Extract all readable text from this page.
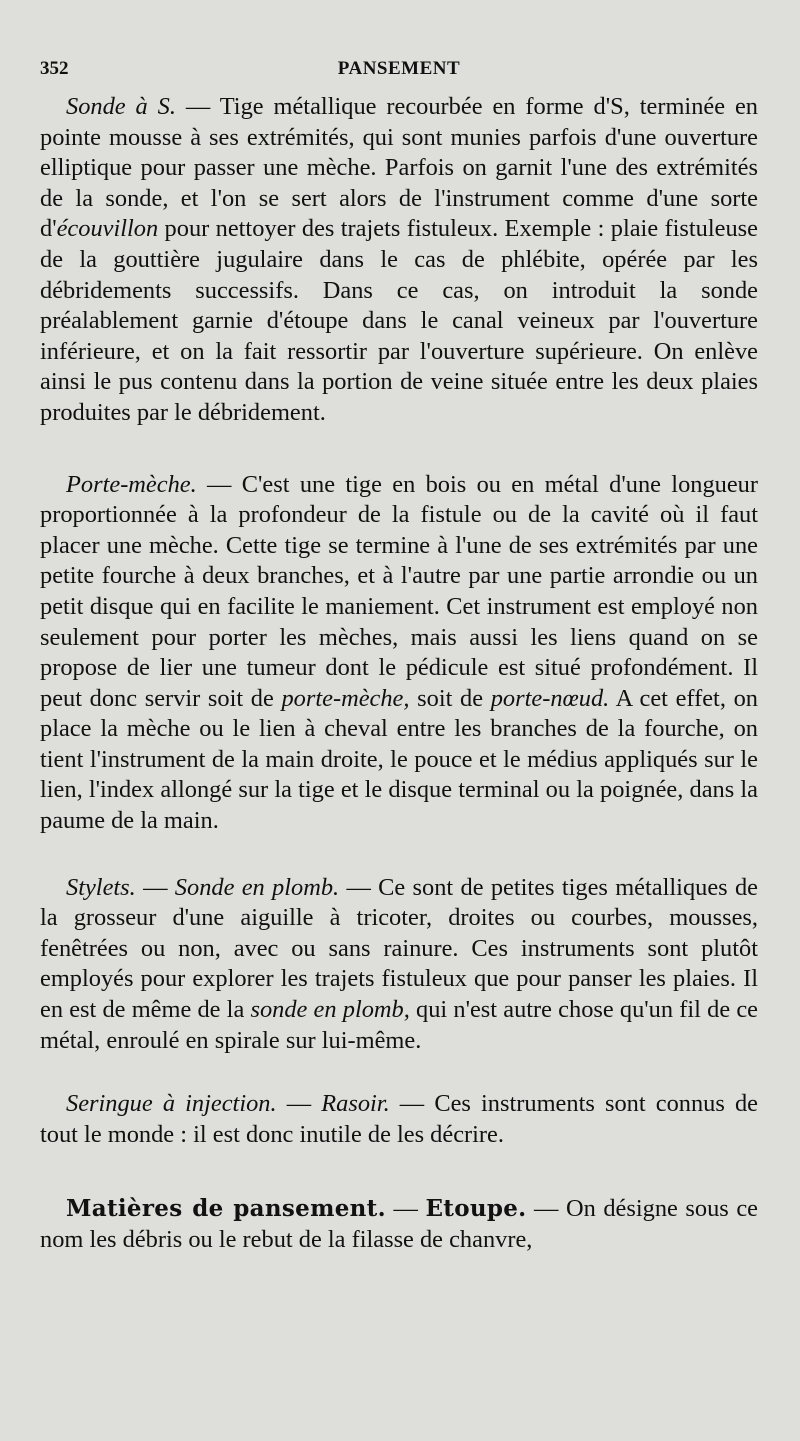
352	PANSEMENT

Sonde à S. — Tige métallique recourbée en forme d'S, terminée en pointe mousse à ses extrémités, qui sont munies parfois d'une ouverture elliptique pour passer une mèche. Parfois on garnit l'une des extrémités de la sonde, et l'on se sert alors de l'instrument comme d'une sorte d'écouvillon pour nettoyer des trajets fistuleux. Exemple : plaie fistuleuse de la gouttière jugulaire dans le cas de phlébite, opérée par les débridements successifs. Dans ce cas, on introduit la sonde préalablement garnie d'étoupe dans le canal veineux par l'ouverture inférieure, et on la fait ressortir par l'ouverture supérieure. On enlève ainsi le pus contenu dans la portion de veine située entre les deux plaies produites par le débridement.

Porte-mèche. — C'est une tige en bois ou en métal d'une longueur proportionnée à la profondeur de la fistule ou de la cavité où il faut placer une mèche. Cette tige se termine à l'une de ses extrémités par une petite fourche à deux branches, et à l'autre par une partie arrondie ou un petit disque qui en facilite le maniement. Cet instrument est employé non seulement pour porter les mèches, mais aussi les liens quand on se propose de lier une tumeur dont le pédicule est situé profondément. Il peut donc servir soit de porte-mèche, soit de porte-nœud. A cet effet, on place la mèche ou le lien à cheval entre les branches de la fourche, on tient l'instrument de la main droite, le pouce et le médius appliqués sur le lien, l'index allongé sur la tige et le disque terminal ou la poignée, dans la paume de la main.

Stylets. — Sonde en plomb. — Ce sont de petites tiges métalliques de la grosseur d'une aiguille à tricoter, droites ou courbes, mousses, fenêtrées ou non, avec ou sans rainure. Ces instruments sont plutôt employés pour explorer les trajets fistuleux que pour panser les plaies. Il en est de même de la sonde en plomb, qui n'est autre chose qu'un fil de ce métal, enroulé en spirale sur lui-même.

Seringue à injection. — Rasoir. — Ces instruments sont connus de tout le monde : il est donc inutile de les décrire.

Matières de pansement. — Etoupe. — On désigne sous ce nom les débris ou le rebut de la filasse de chanvre,
